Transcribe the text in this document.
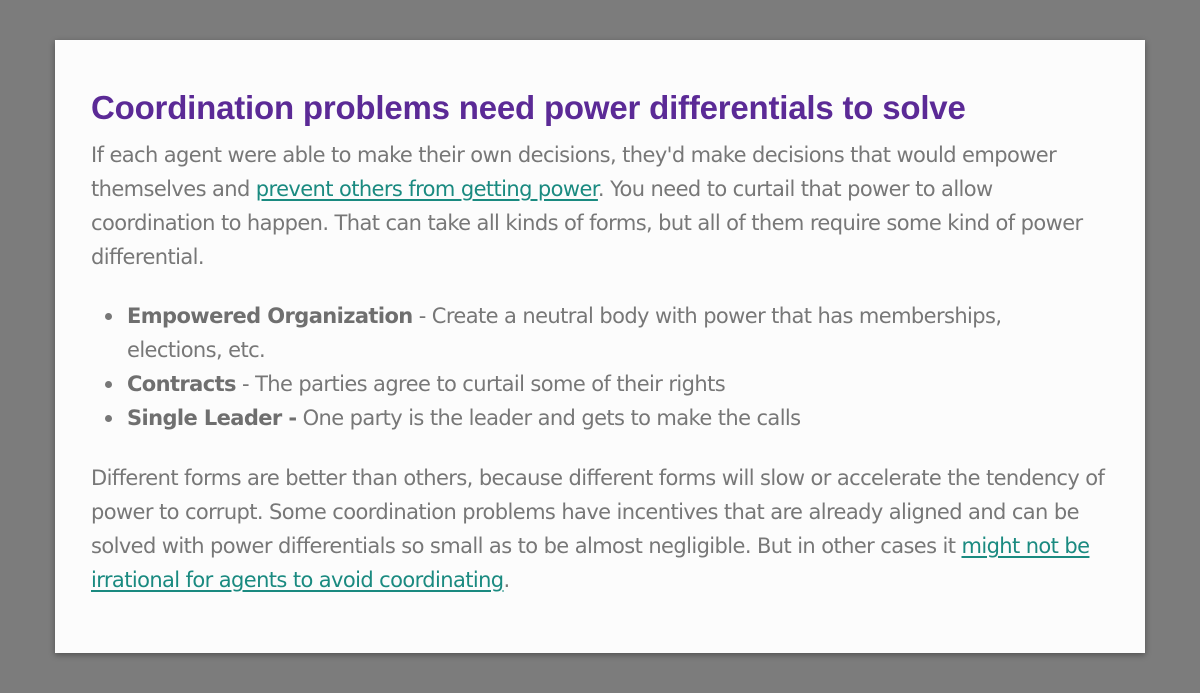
Coordination problems need power differentials to solve

If each agent were able to make their own decisions, they'd make decisions that would empower themselves and prevent others from getting power. You need to curtail that power to allow coordination to happen. That can take all kinds of forms, but all of them require some kind of power differential.

Empowered Organization - Create a neutral body with power that has memberships, elections, etc.
Contracts - The parties agree to curtail some of their rights
Single Leader - One party is the leader and gets to make the calls

Different forms are better than others, because different forms will slow or accelerate the tendency of power to corrupt. Some coordination problems have incentives that are already aligned and can be solved with power differentials so small as to be almost negligible. But in other cases it might not be irrational for agents to avoid coordinating.
